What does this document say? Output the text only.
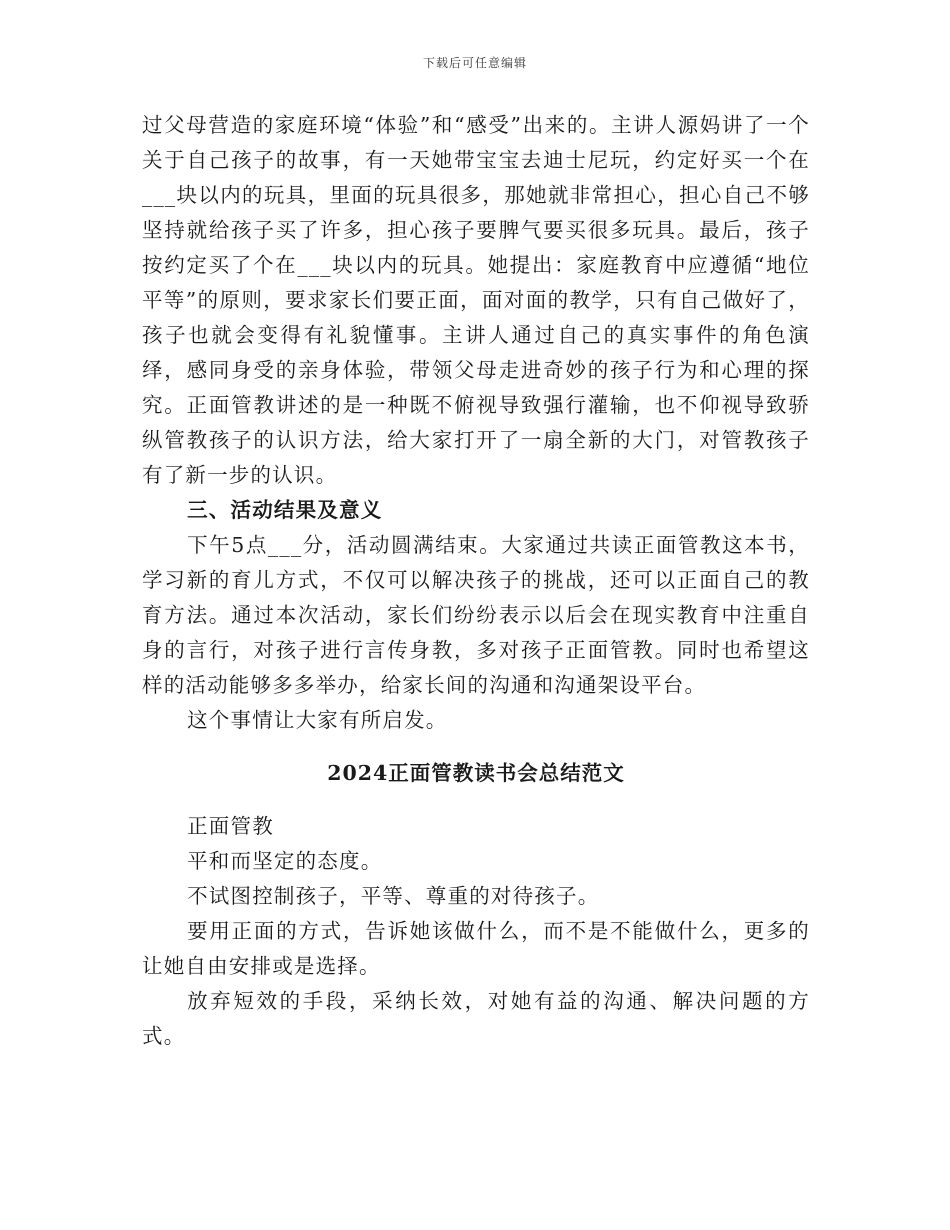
下载后可任意编辑

过父母营造的家庭环境“体验”和“感受”出来的。主讲人源妈讲了一个关于自己孩子的故事，有一天她带宝宝去迪士尼玩，约定好买一个在___块以内的玩具，里面的玩具很多，那她就非常担心，担心自己不够坚持就给孩子买了许多，担心孩子要脾气要买很多玩具。最后，孩子按约定买了个在___块以内的玩具。她提出：家庭教育中应遵循“地位平等”的原则，要求家长们要正面，面对面的教学，只有自己做好了，孩子也就会变得有礼貌懂事。主讲人通过自己的真实事件的角色演绎，感同身受的亲身体验，带领父母走进奇妙的孩子行为和心理的探究。正面管教讲述的是一种既不俯视导致强行灌输，也不仰视导致骄纵管教孩子的认识方法，给大家打开了一扇全新的大门，对管教孩子有了新一步的认识。

三、活动结果及意义

下午5点___分，活动圆满结束。大家通过共读正面管教这本书，学习新的育儿方式，不仅可以解决孩子的挑战，还可以正面自己的教育方法。通过本次活动，家长们纷纷表示以后会在现实教育中注重自身的言行，对孩子进行言传身教，多对孩子正面管教。同时也希望这样的活动能够多多举办，给家长间的沟通和沟通架设平台。

这个事情让大家有所启发。

2024正面管教读书会总结范文

正面管教

平和而坚定的态度。

不试图控制孩子，平等、尊重的对待孩子。

要用正面的方式，告诉她该做什么，而不是不能做什么，更多的让她自由安排或是选择。

放弃短效的手段，采纳长效，对她有益的沟通、解决问题的方式。
